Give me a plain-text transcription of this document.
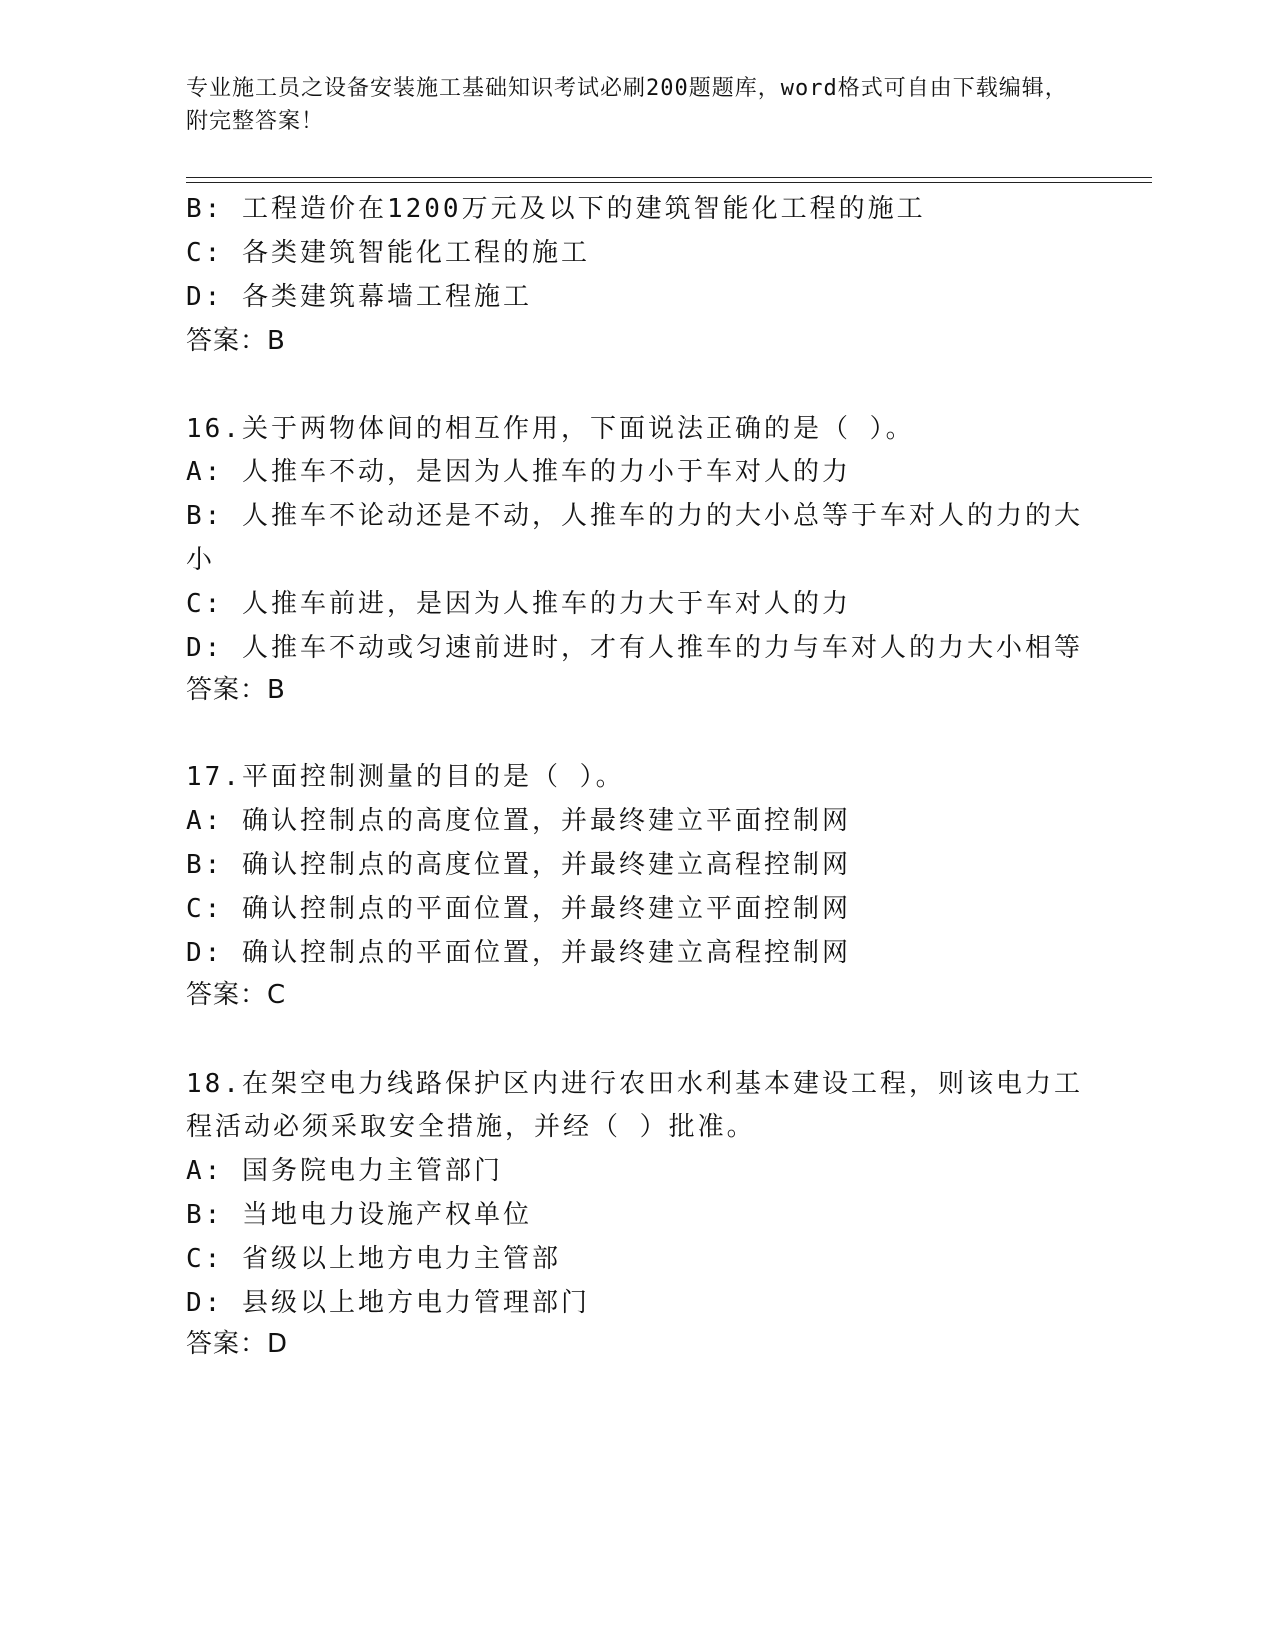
专业施工员之设备安装施工基础知识考试必刷200题题库，word格式可自由下载编辑，附完整答案！
B: 工程造价在1200万元及以下的建筑智能化工程的施工
C: 各类建筑智能化工程的施工
D: 各类建筑幕墙工程施工
答案：B
16.关于两物体间的相互作用，下面说法正确的是（ ）。
A: 人推车不动，是因为人推车的力小于车对人的力
B: 人推车不论动还是不动，人推车的力的大小总等于车对人的力的大
小
C: 人推车前进，是因为人推车的力大于车对人的力
D: 人推车不动或匀速前进时，才有人推车的力与车对人的力大小相等
答案：B
17.平面控制测量的目的是（ ）。
A: 确认控制点的高度位置，并最终建立平面控制网
B: 确认控制点的高度位置，并最终建立高程控制网
C: 确认控制点的平面位置，并最终建立平面控制网
D: 确认控制点的平面位置，并最终建立高程控制网
答案：C
18.在架空电力线路保护区内进行农田水利基本建设工程，则该电力工
程活动必须采取安全措施，并经（ ）批准。
A: 国务院电力主管部门
B: 当地电力设施产权单位
C: 省级以上地方电力主管部
D: 县级以上地方电力管理部门
答案：D
